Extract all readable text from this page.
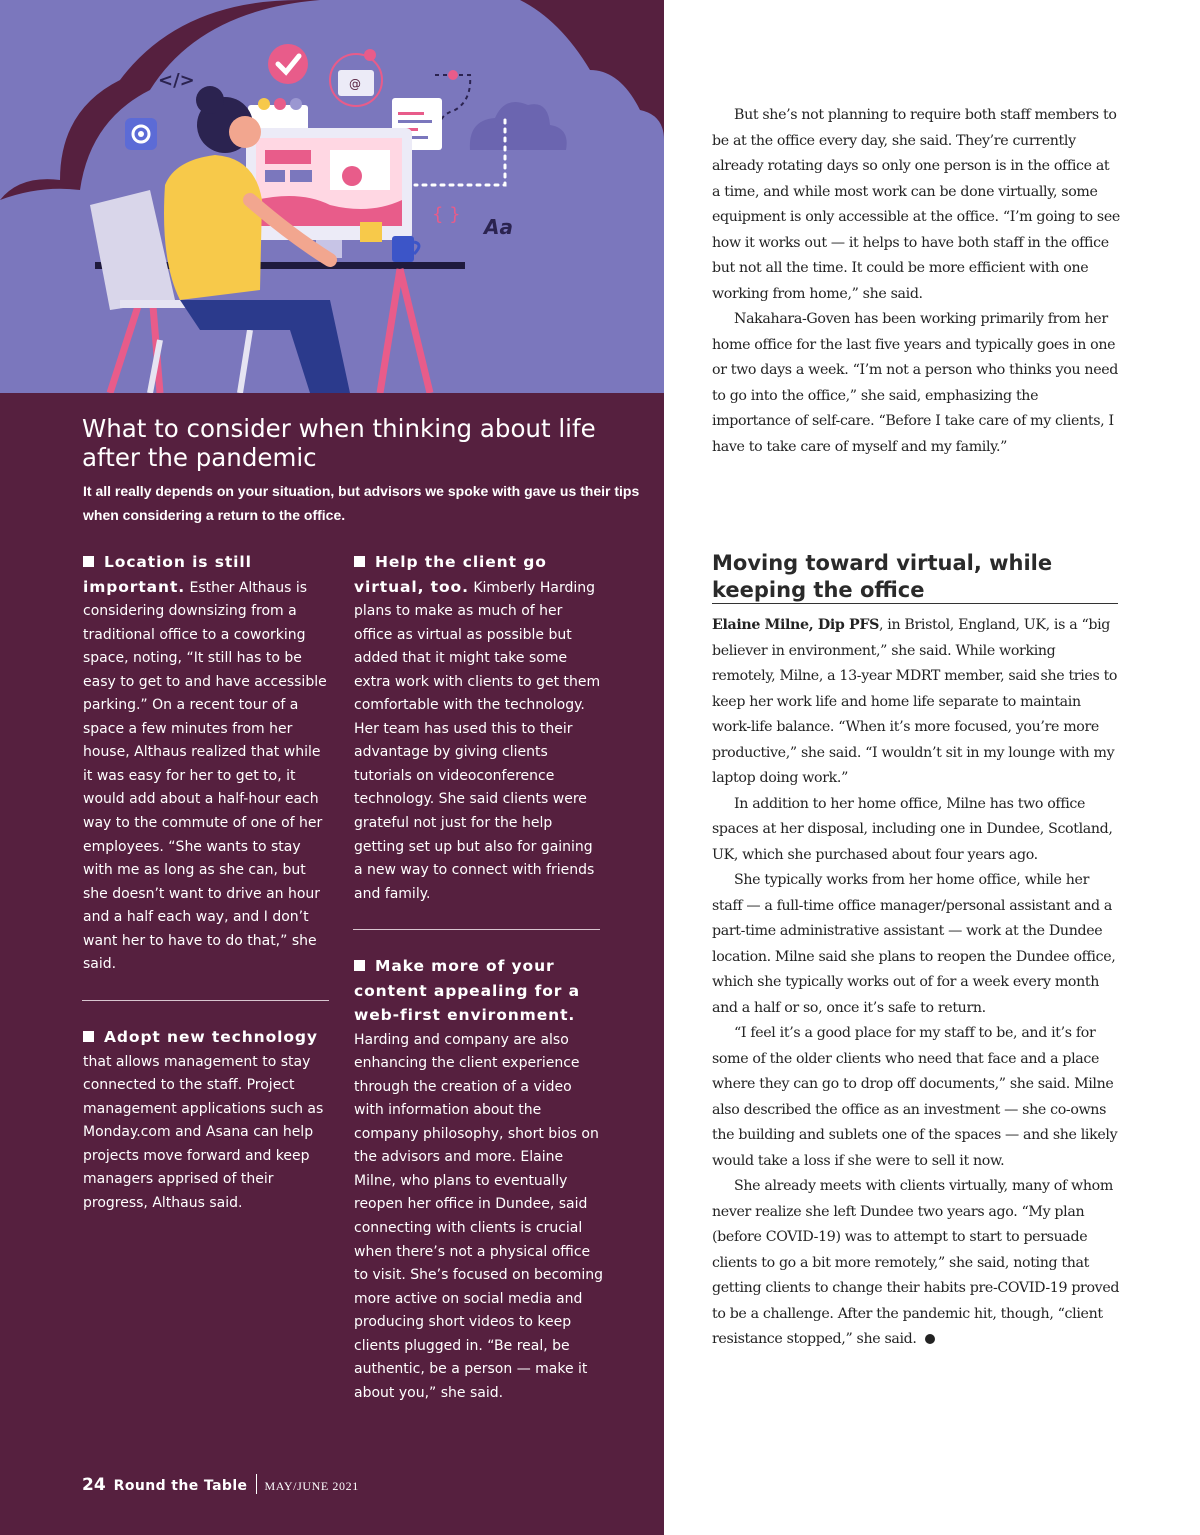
</>	@
{ }
Aa
What to consider when thinking about life after the pandemic

It all really depends on your situation, but advisors we spoke with gave us their tips when considering a return to the office.

Location is still important. Esther Althaus is considering downsizing from a traditional office to a coworking space, noting, “It still has to be easy to get to and have accessible parking.” On a recent tour of a space a few minutes from her house, Althaus realized that while it was easy for her to get to, it would add about a half-hour each way to the commute of one of her employees. “She wants to stay with me as long as she can, but she doesn’t want to drive an hour and a half each way, and I don’t want her to have to do that,” she said.
Adopt new technology that allows management to stay connected to the staff. Project management applications such as Monday.com and Asana can help projects move forward and keep managers apprised of their progress, Althaus said.
Help the client go virtual, too. Kimberly Harding plans to make as much of her office as virtual as possible but added that it might take some extra work with clients to get them comfortable with the technology. Her team has used this to their advantage by giving clients tutorials on videoconference technology. She said clients were grateful not just for the help getting set up but also for gaining a new way to connect with friends and family.
Make more of your content appealing for a web-first environment. Harding and company are also enhancing the client experience through the creation of a video with information about the company philosophy, short bios on the advisors and more. Elaine Milne, who plans to eventually reopen her office in Dundee, said connecting with clients is crucial when there’s not a physical office to visit. She’s focused on becoming more active on social media and producing short videos to keep clients plugged in. “Be real, be authentic, be a person — make it about you,” she said.
24 Round the Table MAY/JUNE 2021

But she’s not planning to require both staff members to be at the office every day, she said. They’re currently already rotating days so only one person is in the office at a time, and while most work can be done virtually, some equipment is only accessible at the office. “I’m going to see how it works out — it helps to have both staff in the office but not all the time. It could be more efficient with one working from home,” she said.

Nakahara-Goven has been working primarily from her home office for the last five years and typically goes in one or two days a week. “I’m not a person who thinks you need to go into the office,” she said, emphasizing the importance of self-care. “Before I take care of my clients, I have to take care of myself and my family.”

Moving toward virtual, while keeping the office

Elaine Milne, Dip PFS, in Bristol, England, UK, is a “big believer in environment,” she said. While working remotely, Milne, a 13-year MDRT member, said she tries to keep her work life and home life separate to maintain work-life balance. “When it’s more focused, you’re more productive,” she said. “I wouldn’t sit in my lounge with my laptop doing work.”

In addition to her home office, Milne has two office spaces at her disposal, including one in Dundee, Scotland, UK, which she purchased about four years ago.

She typically works from her home office, while her staff — a full-time office manager/personal assistant and a part-time administrative assistant — work at the Dundee location. Milne said she plans to reopen the Dundee office, which she typically works out of for a week every month and a half or so, once it’s safe to return.

“I feel it’s a good place for my staff to be, and it’s for some of the older clients who need that face and a place where they can go to drop off documents,” she said. Milne also described the office as an investment — she co-owns the building and sublets one of the spaces — and she likely would take a loss if she were to sell it now.

She already meets with clients virtually, many of whom never realize she left Dundee two years ago. “My plan (before COVID-19) was to attempt to start to persuade clients to go a bit more remotely,” she said, noting that getting clients to change their habits pre-COVID-19 proved to be a challenge. After the pandemic hit, though, “client resistance stopped,” she said.
